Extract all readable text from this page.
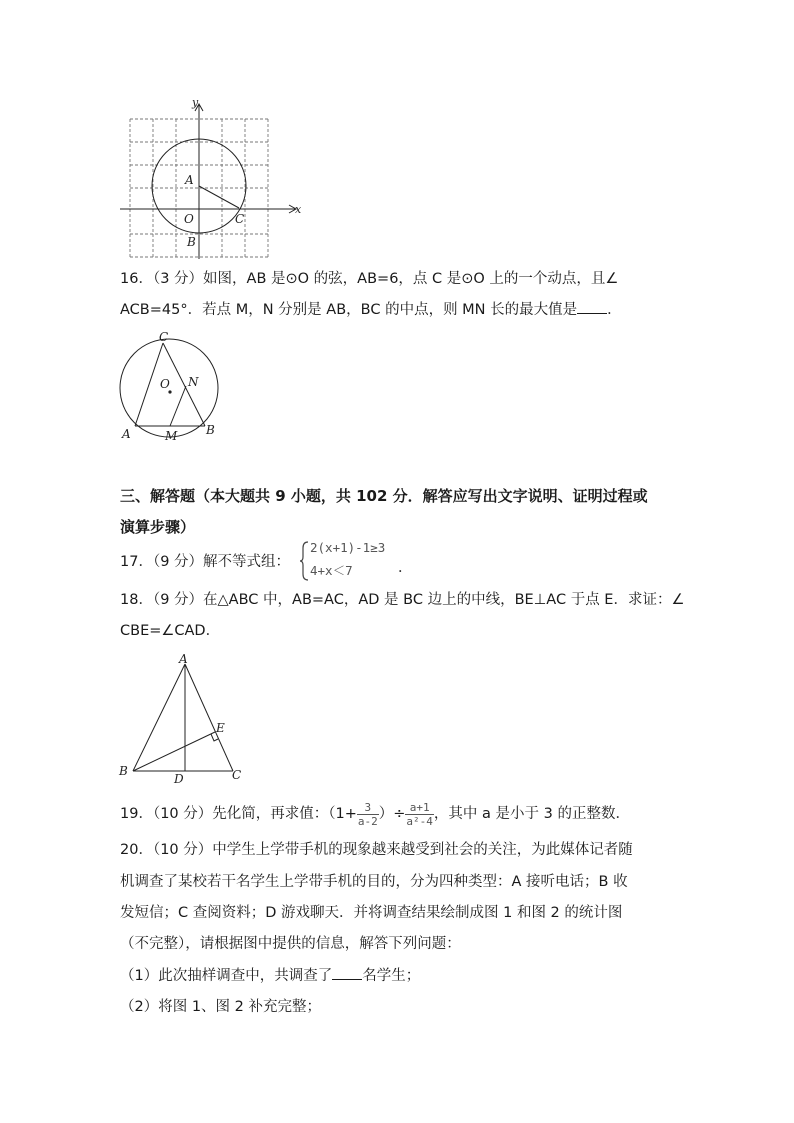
y
x
A
O	C
B
16．（3 分）如图，AB 是⊙O 的弦，AB=6，点 C 是⊙O 上的一个动点，且∠
ACB=45°．若点 M，N 分别是 AB，BC 的中点，则 MN 长的最大值是 ．
C
O N
A	M B
三、解答题（本大题共 9 小题，共 102 分．解答应写出文字说明、证明过程或
演算步骤）
17．（9 分）解不等式组：
2(x+1)-1≥3
4+x＜7	．
18．（9 分）在△ABC 中，AB=AC，AD 是 BC 边上的中线，BE⊥AC 于点 E．求证：∠
CBE=∠CAD．
A
E
B
D	C
19．（10 分）先化简，再求值：（$1+ \frac{3}{a-2}$ ）÷ $\frac{a+1}{\text{a²-4}}$ ，其中 a 是小于 3 的正整数．
20．（10 分）中学生上学带手机的现象越来越受到社会的关注，为此媒体记者随
机调查了某校若干名学生上学带手机的目的，分为四种类型：A 接听电话；B 收
发短信；C 查阅资料；D 游戏聊天．并将调查结果绘制成图 1 和图 2 的统计图
（不完整），请根据图中提供的信息，解答下列问题：
（1）此次抽样调查中，共调查了 名学生；
（2）将图 1、图 2 补充完整；
